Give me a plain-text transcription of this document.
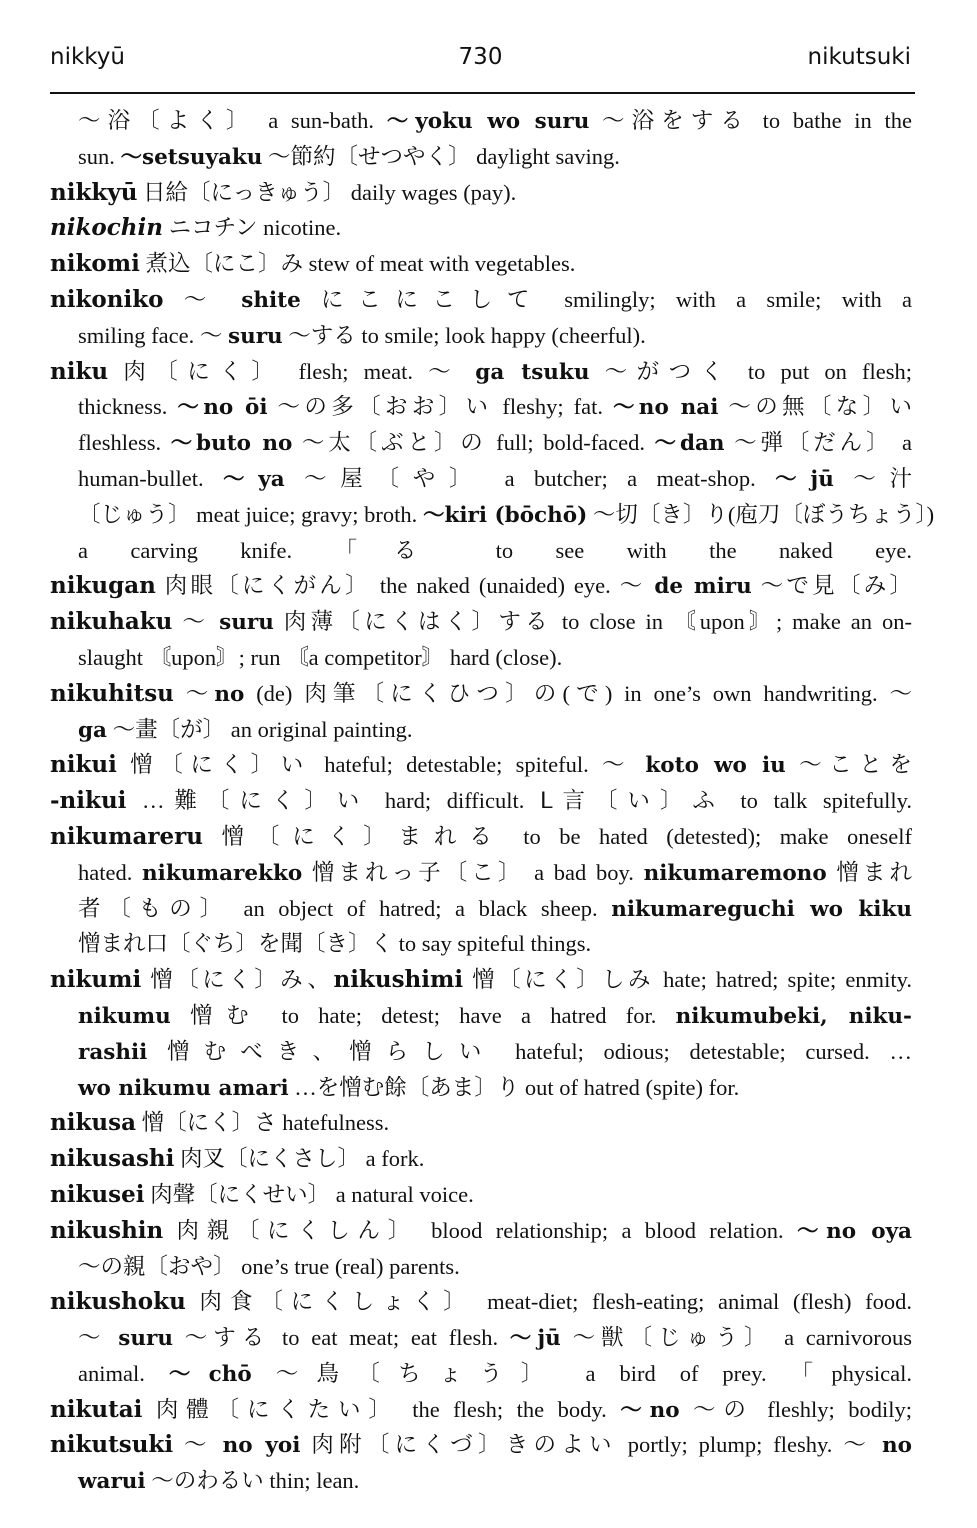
nikkyū	730	nikutsuki
〜浴〔よく〕 a sun-bath. 〜yoku wo suru 〜浴をする to bathe in the
sun. 〜setsuyaku 〜節約〔せつやく〕 daylight saving.
nikkyū 日給〔にっきゅう〕 daily wages (pay).
nikochin ニコチン nicotine.
nikomi 煮込〔にこ〕み stew of meat with vegetables.
nikoniko 〜 shite にこにこして smilingly; with a smile; with a
smiling face. 〜 suru 〜する to smile; look happy (cheerful).
niku 肉〔にく〕 flesh; meat. 〜 ga tsuku 〜がつく to put on flesh;
thickness. 〜no ōi 〜の多〔おお〕い fleshy; fat. 〜no nai 〜の無〔な〕い
fleshless. 〜buto no 〜太〔ぶと〕の full; bold-faced. 〜dan 〜弾〔だん〕 a
human-bullet. 〜ya 〜屋〔や〕 a butcher; a meat-shop. 〜jū 〜汁
〔じゅう〕 meat juice; gravy; broth. 〜kiri (bōchō) 〜切〔き〕り(庖刀〔ぼうちょう〕)
a carving knife. 「る to see with the naked eye.
nikugan 肉眼〔にくがん〕 the naked (unaided) eye. 〜 de miru 〜で見〔み〕
nikuhaku 〜 suru 肉薄〔にくはく〕する to close in 〘upon〙; make an on-
slaught 〘upon〙; run 〘a competitor〙 hard (close).
nikuhitsu 〜no (de) 肉筆〔にくひつ〕の(で) in one’s own handwriting. 〜
ga 〜畫〔が〕 an original painting.
nikui 憎〔にく〕い hateful; detestable; spiteful. 〜 koto wo iu 〜ことを
-nikui …難〔にく〕い hard; difficult. ᒪ言〔い〕ふ to talk spitefully.
nikumareru 憎〔にく〕まれる to be hated (detested); make oneself
hated. nikumarekko 憎まれっ子〔こ〕 a bad boy. nikumaremono 憎まれ
者〔もの〕 an object of hatred; a black sheep. nikumareguchi wo kiku
憎まれ口〔ぐち〕を聞〔き〕く to say spiteful things.
nikumi 憎〔にく〕み、nikushimi 憎〔にく〕しみ hate; hatred; spite; enmity.
nikumu 憎む to hate; detest; have a hatred for. nikumubeki, niku-
rashii 憎むべき、憎らしい hateful; odious; detestable; cursed. …
wo nikumu amari …を憎む餘〔あま〕り out of hatred (spite) for.
nikusa 憎〔にく〕さ hatefulness.
nikusashi 肉叉〔にくさし〕 a fork.
nikusei 肉聲〔にくせい〕 a natural voice.
nikushin 肉親〔にくしん〕 blood relationship; a blood relation. 〜no oya
〜の親〔おや〕 one’s true (real) parents.
nikushoku 肉食〔にくしょく〕 meat-diet; flesh-eating; animal (flesh) food.
〜 suru 〜する to eat meat; eat flesh. 〜jū 〜獣〔じゅう〕 a carnivorous
animal. 〜chō 〜鳥〔ちょう〕 a bird of prey. 「physical.
nikutai 肉體〔にくたい〕 the flesh; the body. 〜no 〜の fleshly; bodily;
nikutsuki 〜 no yoi 肉附〔にくづ〕きのよい portly; plump; fleshy. 〜 no
warui 〜のわるい thin; lean.
